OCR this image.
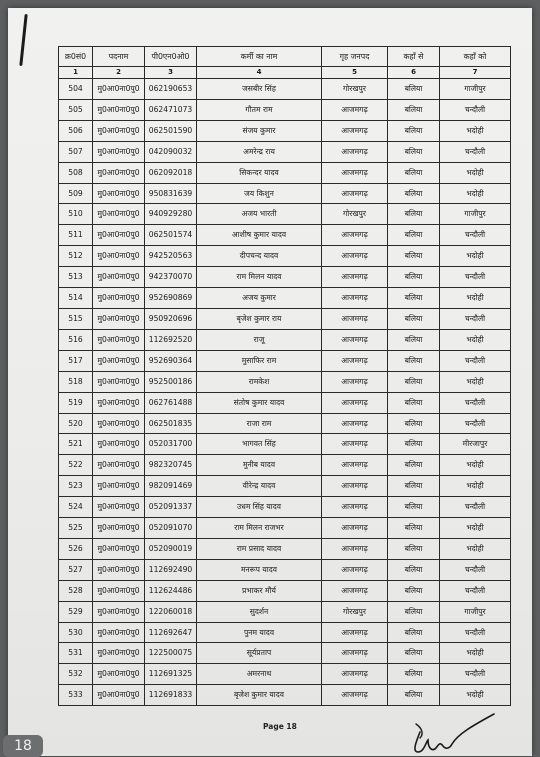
क्र0सं0	पदनाम	पी0एन0ओ0	कर्मी का नाम	गृह जनपद	कहाँ से	कहाँ को
1	2	3	4	5	6	7
504	मु0आ0ना0पु0	062190653	जसबीर सिंह	गोरखपुर	बलिया	गाजीपुर
505	मु0आ0ना0पु0	062471073	गौतम राम	आजमगढ़	बलिया	चन्दौली
506	मु0आ0ना0पु0	062501590	संजय कुमार	आजमगढ़	बलिया	भदोही
507	मु0आ0ना0पु0	042090032	अमरेन्द्र राय	आजमगढ़	बलिया	चन्दौली
508	मु0आ0ना0पु0	062092018	सिकन्दर यादव	आजमगढ़	बलिया	भदोही
509	मु0आ0ना0पु0	950831639	जय किशुन	आजमगढ़	बलिया	भदोही
510	मु0आ0ना0पु0	940929280	अजय भारती	गोरखपुर	बलिया	गाजीपुर
511	मु0आ0ना0पु0	062501574	आशीष कुमार यादव	आजमगढ़	बलिया	चन्दौली
512	मु0आ0ना0पु0	942520563	दीपचन्द यादव	आजमगढ़	बलिया	भदोही
513	मु0आ0ना0पु0	942370070	राम मिलन यादव	आजमगढ़	बलिया	चन्दौली
514	मु0आ0ना0पु0	952690869	अजय कुमार	आजमगढ़	बलिया	भदोही
515	मु0आ0ना0पु0	950920696	बृजेश कुमार राय	आजमगढ़	बलिया	चन्दौली
516	मु0आ0ना0पु0	112692520	राजू	आजमगढ़	बलिया	भदोही
517	मु0आ0ना0पु0	952690364	मुसाफिर राम	आजमगढ़	बलिया	चन्दौली
518	मु0आ0ना0पु0	952500186	रामकेश	आजमगढ़	बलिया	भदोही
519	मु0आ0ना0पु0	062761488	संतोष कुमार यादव	आजमगढ़	बलिया	चन्दौली
520	मु0आ0ना0पु0	062501835	राजा राम	आजमगढ़	बलिया	चन्दौली
521	मु0आ0ना0पु0	052031700	भागवत सिंह	आजमगढ़	बलिया	मीरजापुर
522	मु0आ0ना0पु0	982320745	मुनीब यादव	आजमगढ़	बलिया	भदोही
523	मु0आ0ना0पु0	982091469	वीरेन्द्र यादव	आजमगढ़	बलिया	भदोही
524	मु0आ0ना0पु0	052091337	उधम सिंह यादव	आजमगढ़	बलिया	चन्दौली
525	मु0आ0ना0पु0	052091070	राम मिलन राजभर	आजमगढ़	बलिया	भदोही
526	मु0आ0ना0पु0	052090019	राम प्रसाद यादव	आजमगढ़	बलिया	भदोही
527	मु0आ0ना0पु0	112692490	मनरूप यादव	आजमगढ़	बलिया	चन्दौली
528	मु0आ0ना0पु0	112624486	प्रभाकर मौर्य	आजमगढ़	बलिया	चन्दौली
529	मु0आ0ना0पु0	122060018	सुदर्शन	गोरखपुर	बलिया	गाजीपुर
530	मु0आ0ना0पु0	112692647	पुनम यादव	आजमगढ़	बलिया	चन्दौली
531	मु0आ0ना0पु0	122500075	सूर्यप्रताप	आजमगढ़	बलिया	भदोही
532	मु0आ0ना0पु0	112691325	अमरनाथ	आजमगढ़	बलिया	चन्दौली
533	मु0आ0ना0पु0	112691833	बृजेश कुमार यादव	आजमगढ़	बलिया	भदोही
Page 18
18
